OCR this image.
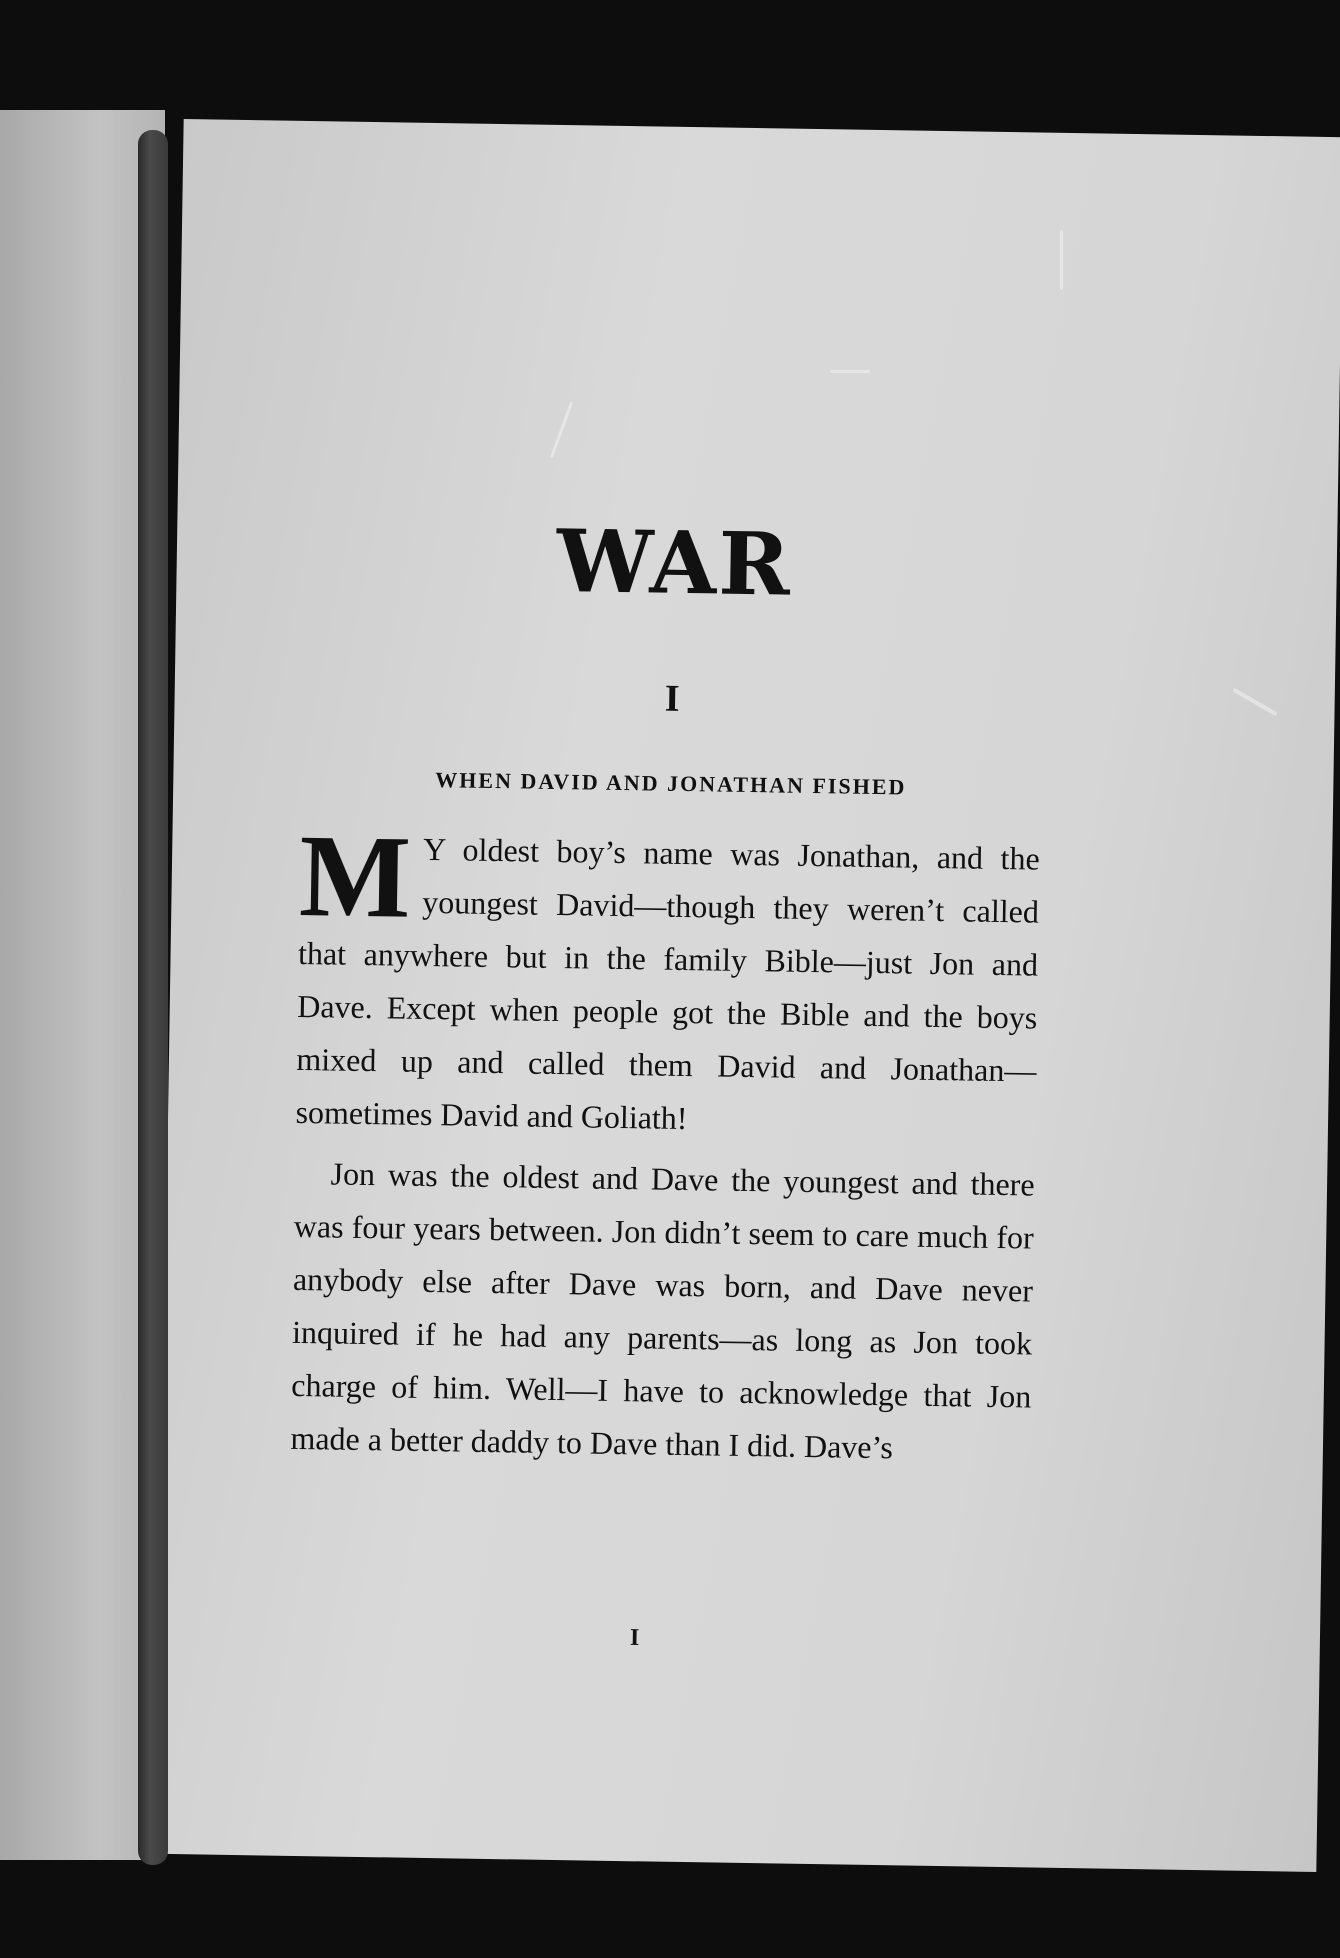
WAR
I
WHEN DAVID AND JONATHAN FISHED

M Y oldest boy’s name was Jonathan, and the youngest David—though they weren’t called that anywhere but in the family Bible—just Jon and Dave. Except when people got the Bible and the boys mixed up and called them David and Jonathan—sometimes David and Goliath!

Jon was the oldest and Dave the youngest and there was four years between. Jon didn’t seem to care much for anybody else after Dave was born, and Dave never inquired if he had any parents—as long as Jon took charge of him. Well—I have to acknowledge that Jon made a better daddy to Dave than I did. Dave’s

I
